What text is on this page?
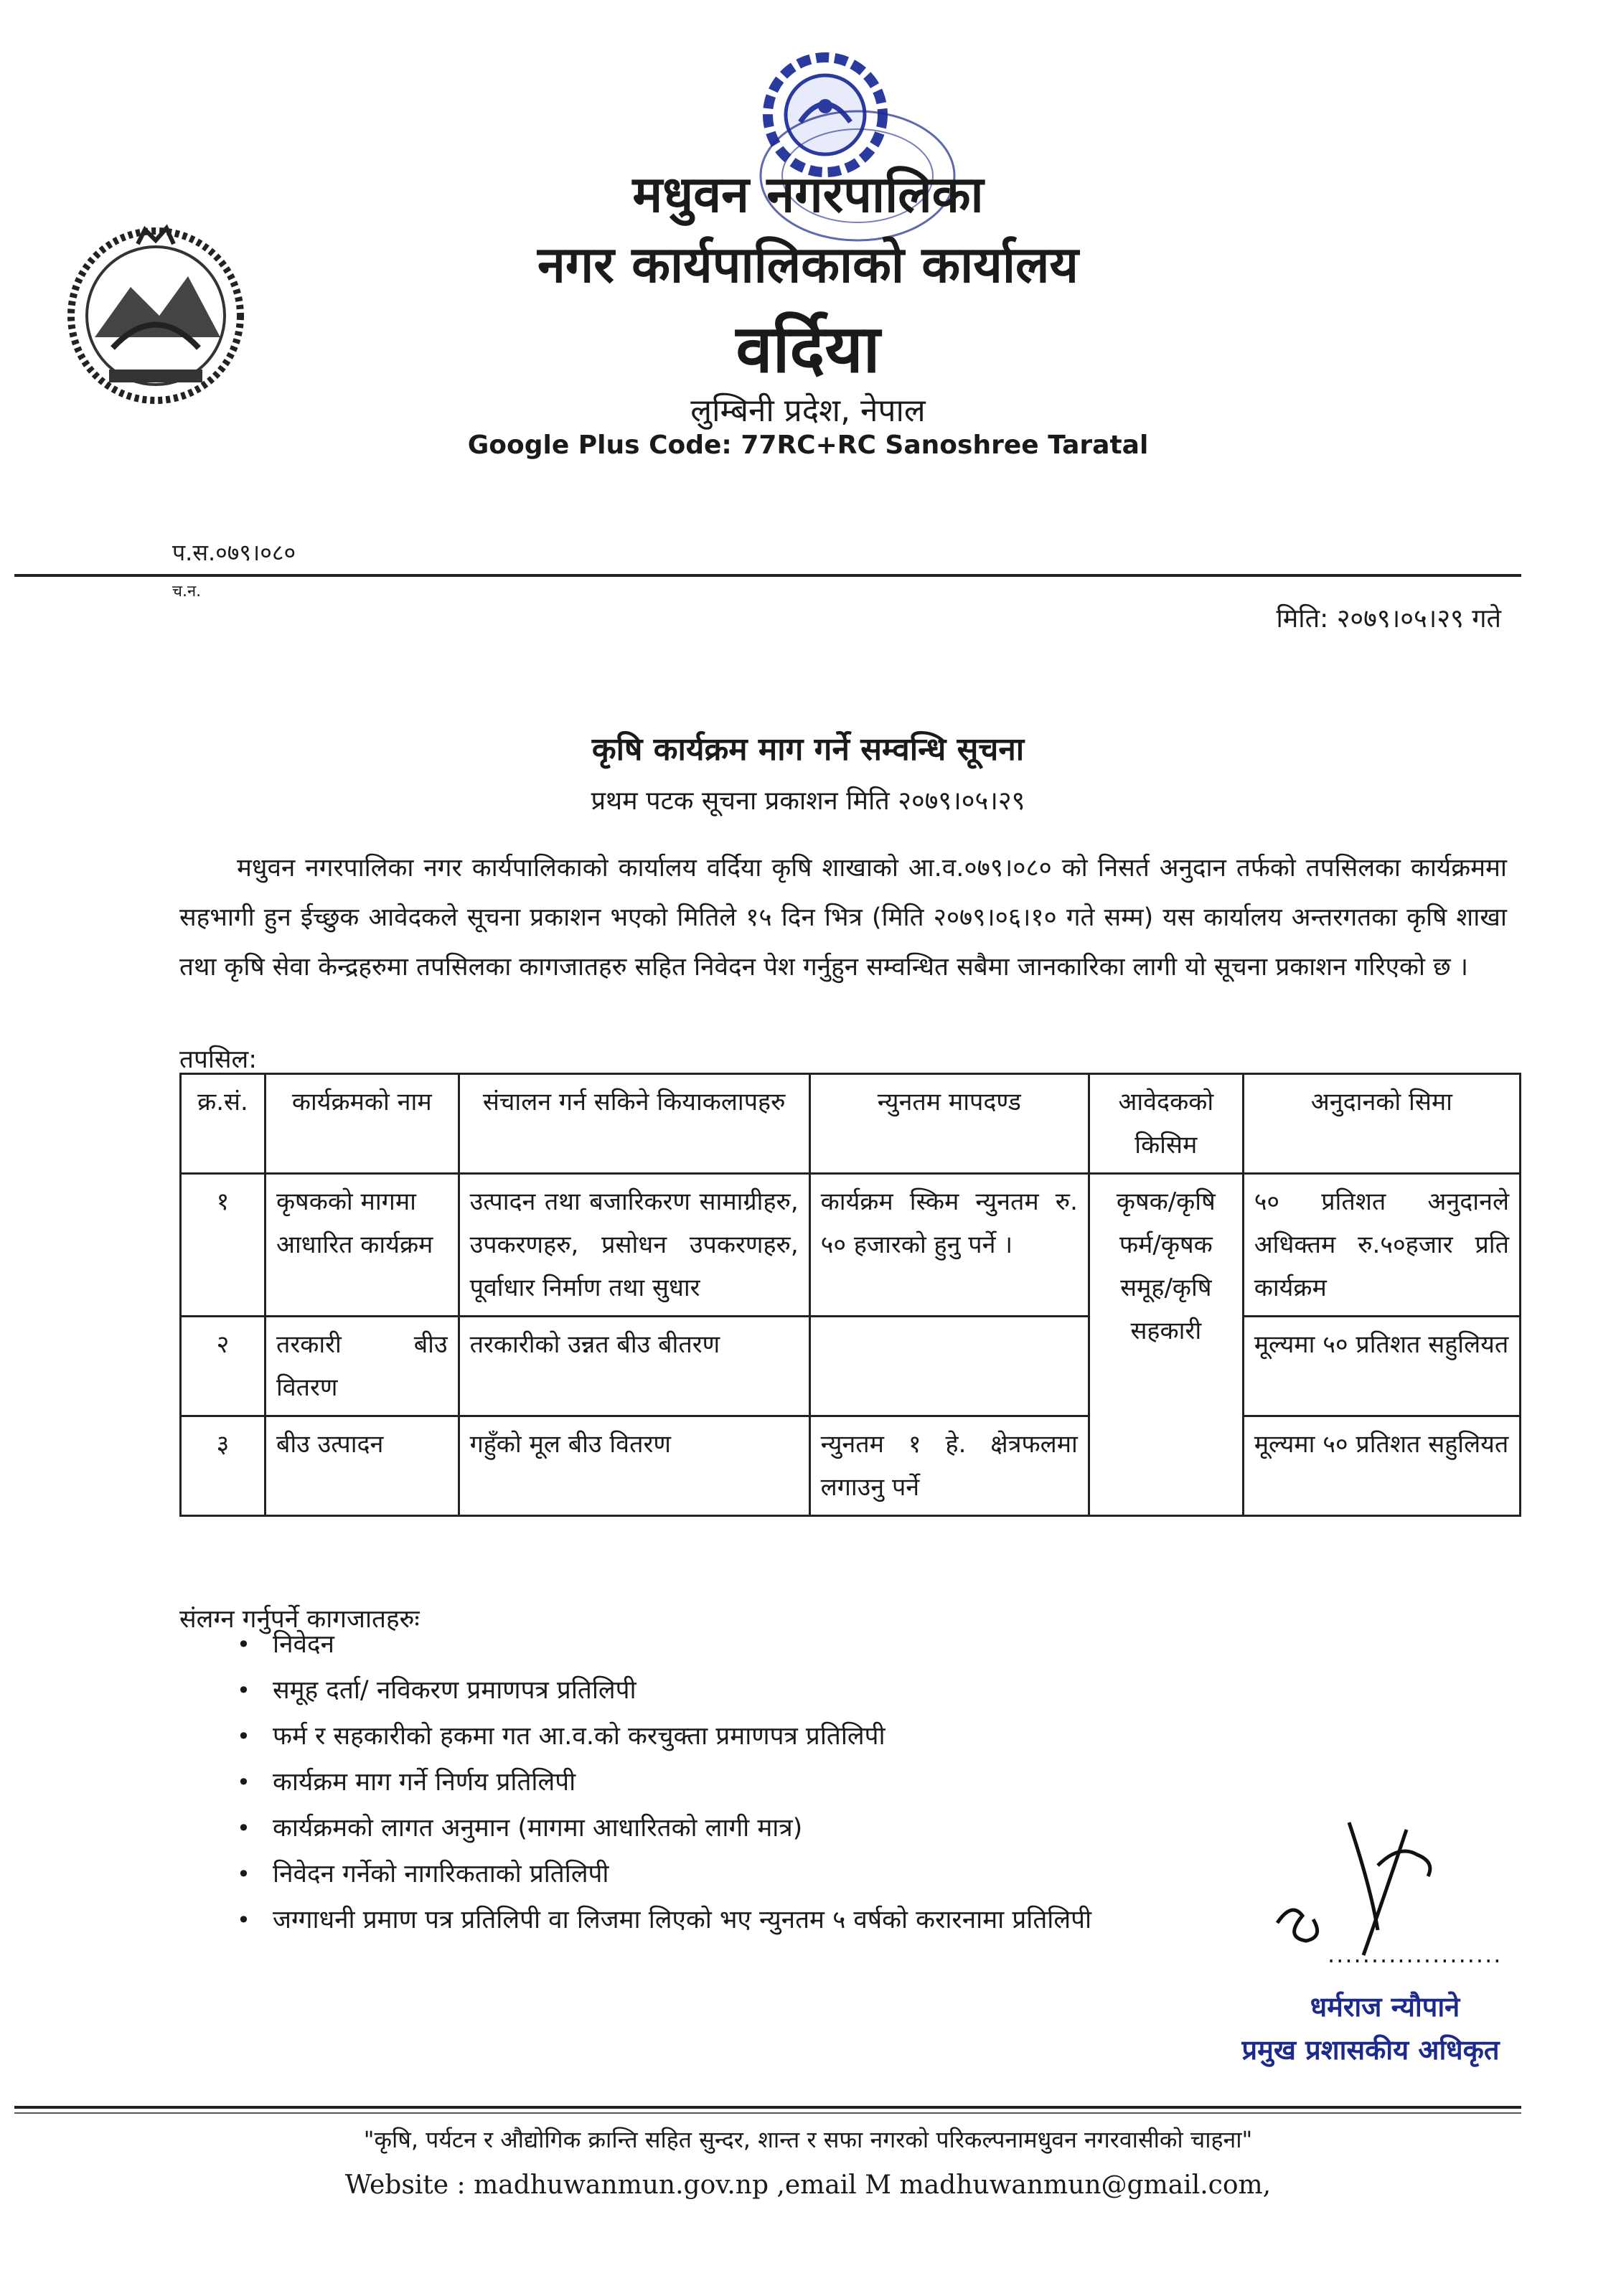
मधुवन नगरपालिका
नगर कार्यपालिकाको कार्यालय
वर्दिया
लुम्बिनी प्रदेश, नेपाल
Google Plus Code: 77RC+RC Sanoshree Taratal
प.स.०७९।०८०
च.न.
मिति: २०७९।०५।२९ गते
कृषि कार्यक्रम माग गर्ने सम्वन्धि सूचना
प्रथम पटक सूचना प्रकाशन मिति २०७९।०५।२९
मधुवन नगरपालिका नगर कार्यपालिकाको कार्यालय वर्दिया कृषि शाखाको आ.व.०७९।०८० को निसर्त अनुदान तर्फको तपसिलका कार्यक्रममा सहभागी हुन ईच्छुक आवेदकले सूचना प्रकाशन भएको मितिले १५ दिन भित्र (मिति २०७९।०६।१० गते सम्म) यस कार्यालय अन्तरगतका कृषि शाखा तथा कृषि सेवा केन्द्रहरुमा तपसिलका कागजातहरु सहित निवेदन पेश गर्नुहुन सम्वन्धित सबैमा जानकारिका लागी यो सूचना प्रकाशन गरिएको छ ।
तपसिल:
क्र.सं.	कार्यक्रमको नाम	संचालन गर्न सकिने कियाकलापहरु	न्युनतम मापदण्ड	आवेदकको किसिम	अनुदानको सिमा
१	कृषकको मागमा आधारित कार्यक्रम	उत्पादन तथा बजारिकरण सामाग्रीहरु, उपकरणहरु, प्रसोधन उपकरणहरु, पूर्वाधार निर्माण तथा सुधार	कार्यक्रम स्किम न्युनतम रु. ५० हजारको हुनु पर्ने ।	कृषक/कृषि फर्म/कृषक समूह/कृषि सहकारी	५० प्रतिशत अनुदानले अधिक्तम रु.५०हजार प्रति कार्यक्रम
२	तरकारी बीउ वितरण	तरकारीको उन्नत बीउ बीतरण			मूल्यमा ५० प्रतिशत सहुलियत
३	बीउ उत्पादन	गहुँको मूल बीउ वितरण	न्युनतम १ हे. क्षेत्रफलमा लगाउनु पर्ने		मूल्यमा ५० प्रतिशत सहुलियत
संलग्न गर्नुपर्ने कागजातहरुः
• निवेदन
• समूह दर्ता/ नविकरण प्रमाणपत्र प्रतिलिपी
• फर्म र सहकारीको हकमा गत आ.व.को करचुक्ता प्रमाणपत्र प्रतिलिपी
• कार्यक्रम माग गर्ने निर्णय प्रतिलिपी
• कार्यक्रमको लागत अनुमान (मागमा आधारितको लागी मात्र)
• निवेदन गर्नेको नागरिकताको प्रतिलिपी
• जग्गाधनी प्रमाण पत्र प्रतिलिपी वा लिजमा लिएको भए न्युनतम ५ वर्षको करारनामा प्रतिलिपी
....................
धर्मराज न्यौपाने
प्रमुख प्रशासकीय अधिकृत
"कृषि, पर्यटन र औद्योगिक क्रान्ति सहित सुन्दर, शान्त र सफा नगरको परिकल्पनामधुवन नगरवासीको चाहना"
Website : madhuwanmun.gov.np ,email M madhuwanmun@gmail.com,
